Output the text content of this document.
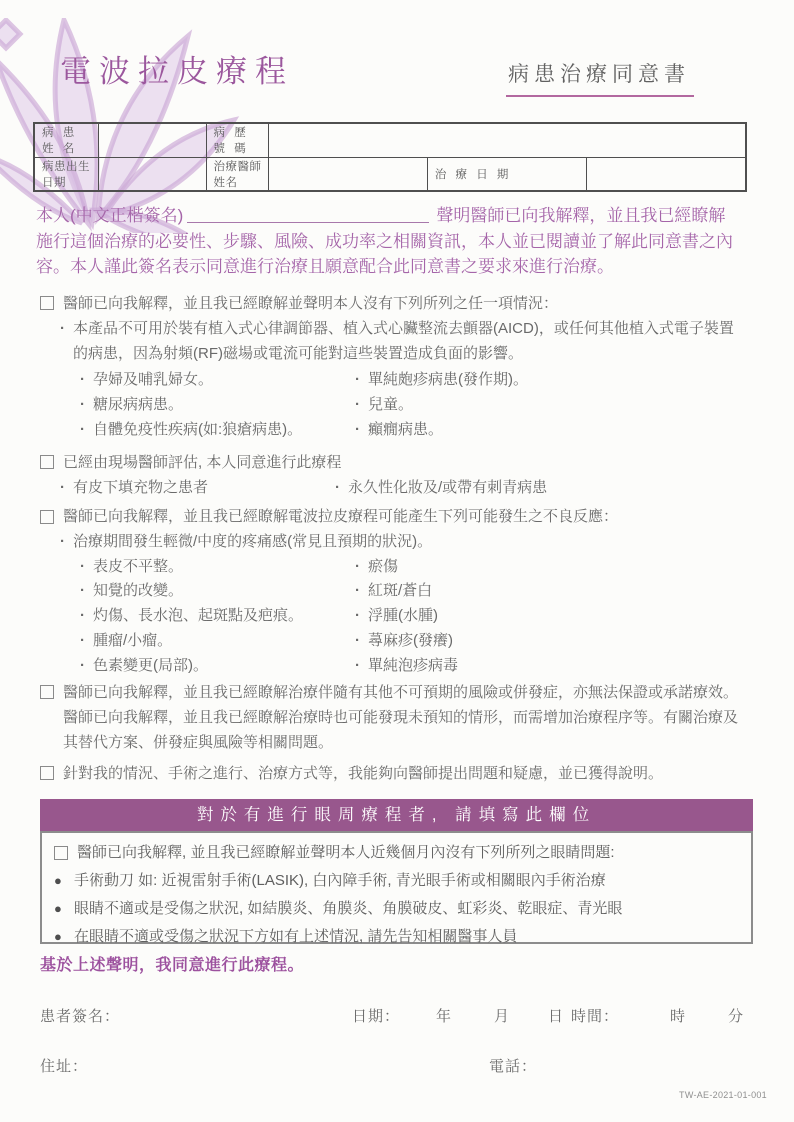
電波拉皮療程	病患治療同意書
病 患 姓 名		病 歷 號 碼			
病患出生日期		治療醫師姓名		治 療 日 期	
本人(中文正楷簽名)	聲明醫師已向我解釋，並且我已經瞭解施行這個治療的必要性、步驟、風險、成功率之相關資訊，本人並已閱讀並了解此同意書之內容。本人謹此簽名表示同意進行治療且願意配合此同意書之要求來進行治療。
醫師已向我解釋，並且我已經瞭解並聲明本人沒有下列所列之任一項情況：
· 本產品不可用於裝有植入式心律調節器、植入式心臟整流去顫器(AICD)，或任何其他植入式電子裝置的病患，因為射頻(RF)磁場或電流可能對這些裝置造成負面的影響。
· 孕婦及哺乳婦女。	· 單純皰疹病患(發作期)。
· 糖尿病病患。	· 兒童。
· 自體免疫性疾病(如:狼瘡病患)。	· 癲癇病患。
已經由現場醫師評估, 本人同意進行此療程
· 有皮下填充物之患者	· 永久性化妝及/或帶有刺青病患
醫師已向我解釋，並且我已經瞭解電波拉皮療程可能產生下列可能發生之不良反應：
· 治療期間發生輕微/中度的疼痛感(常見且預期的狀況)。
· 表皮不平整。	· 瘀傷
· 知覺的改變。	· 紅斑/蒼白
· 灼傷、長水泡、起斑點及疤痕。	· 浮腫(水腫)
· 腫瘤/小瘤。	· 蕁麻疹(發癢)
· 色素變更(局部)。	· 單純泡疹病毒
醫師已向我解釋，並且我已經瞭解治療伴隨有其他不可預期的風險或併發症，亦無法保證或承諾療效。醫師已向我解釋，並且我已經瞭解治療時也可能發現未預知的情形，而需增加治療程序等。有關治療及其替代方案、併發症與風險等相關問題。
針對我的情況、手術之進行、治療方式等，我能夠向醫師提出問題和疑慮，並已獲得說明。
對於有進行眼周療程者, 請填寫此欄位
醫師已向我解釋, 並且我已經瞭解並聲明本人近幾個月內沒有下列所列之眼睛問題:
● 手術動刀 如: 近視雷射手術(LASIK), 白內障手術, 青光眼手術或相關眼內手術治療
● 眼睛不適或是受傷之狀況, 如結膜炎、角膜炎、角膜破皮、虹彩炎、乾眼症、青光眼
● 在眼睛不適或受傷之狀況下方如有上述情況, 請先告知相關醫事人員
基於上述聲明，我同意進行此療程。
患者簽名：	日期： 年	月	日 時間：	時	分
住址：	電話：
TW-AE-2021-01-001
